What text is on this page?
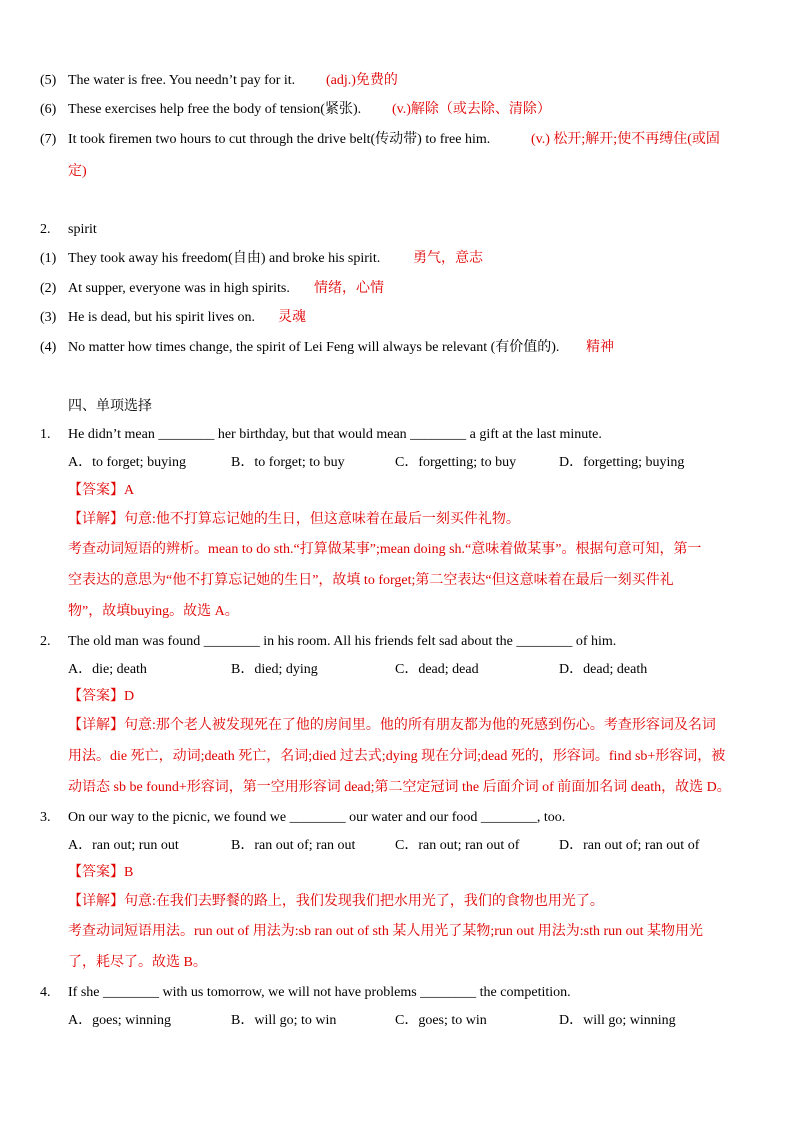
(5) The water is free. You needn’t pay for it. (adj.)免费的
(6) These exercises help free the body of tension(紧张). (v.)解除（或去除、清除）
(7) It took firemen two hours to cut through the drive belt(传动带) to free him.	(v.) 松开;解开;使不再缚住(或固
定)
2. spirit
(1) They took away his freedom(自由) and broke his spirit. 勇气，意志
(2) At supper, everyone was in high spirits. 情绪，心情
(3) He is dead, but his spirit lives on. 灵魂
(4) No matter how times change, the spirit of Lei Feng will always be relevant (有价值的). 精神
四、单项选择
1. He didn’t mean ________ her birthday, but that would mean ________ a gift at the last minute.
A．to forget; buying	B．to forget; to buy	C．forgetting; to buy	D．forgetting; buying
【答案】A
【详解】句意:他不打算忘记她的生日，但这意味着在最后一刻买件礼物。
考查动词短语的辨析。mean to do sth.“打算做某事”;mean doing sh.“意味着做某事”。根据句意可知，第一
空表达的意思为“他不打算忘记她的生日”，故填 to forget;第二空表达“但这意味着在最后一刻买件礼
物”，故填buying。故选 A。
2. The old man was found ________ in his room. All his friends felt sad about the ________ of him.
A．die; death	B．died; dying	C．dead; dead	D．dead; death
【答案】D
【详解】句意:那个老人被发现死在了他的房间里。他的所有朋友都为他的死感到伤心。考查形容词及名词
用法。die 死亡，动词;death 死亡，名词;died 过去式;dying 现在分词;dead 死的，形容词。find sb+形容词，被
动语态 sb be found+形容词，第一空用形容词 dead;第二空定冠词 the 后面介词 of 前面加名词 death，故选 D。
3. On our way to the picnic, we found we ________ our water and our food ________, too.
A．ran out; run out	B．ran out of; ran out	C．ran out; ran out of	D．ran out of; ran out of
【答案】B
【详解】句意:在我们去野餐的路上，我们发现我们把水用光了，我们的食物也用光了。
考查动词短语用法。run out of 用法为:sb ran out of sth 某人用光了某物;run out 用法为:sth run out 某物用光
了，耗尽了。故选 B。
4. If she ________ with us tomorrow, we will not have problems ________ the competition.
A．goes; winning	B．will go; to win	C．goes; to win	D．will go; winning
